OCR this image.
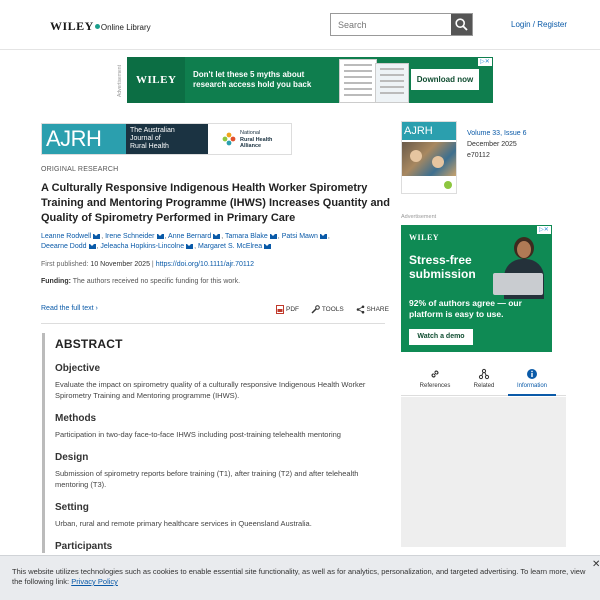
WILEY Online Library
Search	Login / Register
Advertisement WILEY Don't let these 5 myths about research access hold you back
Download now
▷✕
AJRH	The Australian
Journal of
Rural Health
National
Rural Health
Alliance
ORIGINAL RESEARCH
A Culturally Responsive Indigenous Health Worker Spirometry Training and Mentoring Programme (IHWS) Increases Quantity and Quality of Spirometry Performed in Primary Care
Leanne Rodwell , Irene Schneider , Anne Bernard , Tamara Blake , Patsi Mawn ,
Deearne Dodd , Jeleacha Hopkins-Lincolne , Margaret S. McElrea
First published: 10 November 2025 | https://doi.org/10.1111/ajr.70112
Funding: The authors received no specific funding for this work.
Read the full text ›	PDF	TOOLS	SHARE
ABSTRACT
Objective

Evaluate the impact on spirometry quality of a culturally responsive Indigenous Health Worker Spirometry Training and Mentoring programme (IHWS).

Methods

Participation in two-day face-to-face IHWS including post-training telehealth mentoring

Design

Submission of spirometry reports before training (T1), after training (T2) and after telehealth mentoring (T3).

Setting

Urban, rural and remote primary healthcare services in Queensland Australia.

Participants
AJRH	Volume 33, Issue 6
December 2025
e70112
Advertisement
WILEY
Stress-free submission
92% of authors agree — our platform is easy to use.
Watch a demo
▷✕
References	Related	Information
This website utilizes technologies such as cookies to enable essential site functionality, as well as for analytics, personalization, and targeted advertising. To learn more, view the following link: Privacy Policy
✕
